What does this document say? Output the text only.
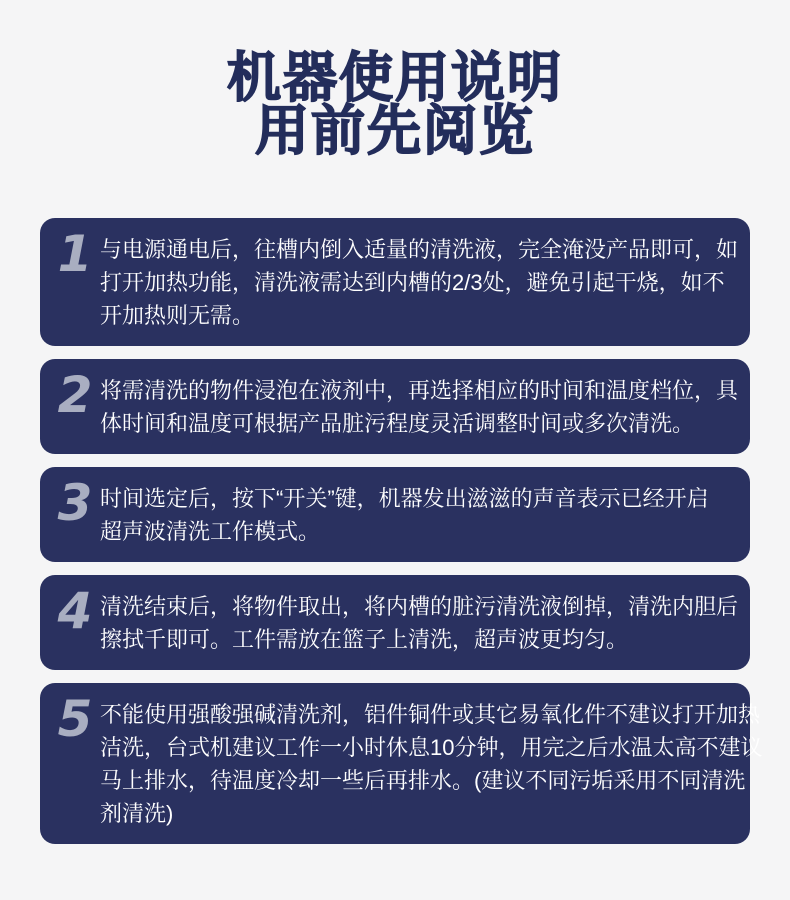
机器使用说明
用前先阅览
1 与电源通电后，往槽内倒入适量的清洗液，完全淹没产品即可，如
打开加热功能，清洗液需达到内槽的2/3处，避免引起干烧，如不
开加热则无需。
2 将需清洗的物件浸泡在液剂中，再选择相应的时间和温度档位，具
体时间和温度可根据产品脏污程度灵活调整时间或多次清洗。
3 时间选定后，按下“开关”键，机器发出滋滋的声音表示已经开启
超声波清洗工作模式。
4 清洗结束后，将物件取出，将内槽的脏污清洗液倒掉，清洗内胆后
擦拭千即可。工件需放在篮子上清洗，超声波更均匀。
5 不能使用强酸强碱清洗剂，铝件铜件或其它易氧化件不建议打开加热
洁洗，台式机建议工作一小时休息10分钟，用完之后水温太高不建议
马上排水，待温度冷却一些后再排水。(建议不同污垢采用不同清洗
剂清洗)
